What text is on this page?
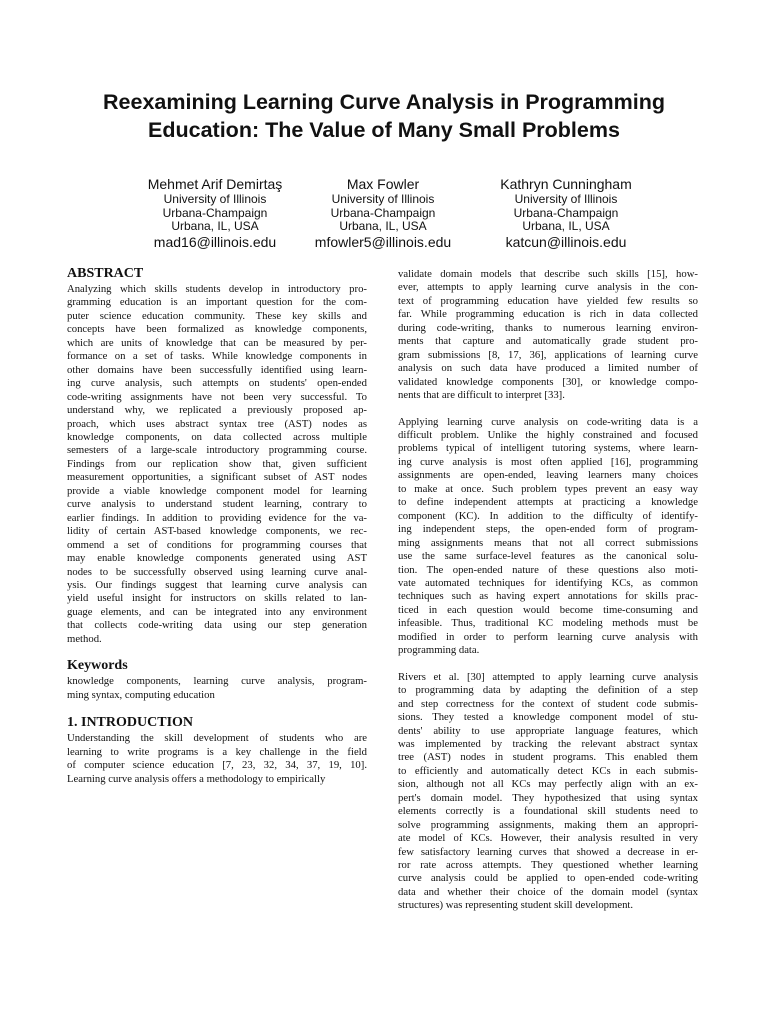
Reexamining Learning Curve Analysis in Programming
Education: The Value of Many Small Problems
Mehmet Arif Demirtaş
University of Illinois
Urbana-Champaign
Urbana, IL, USA
mad16@illinois.edu
Max Fowler
University of Illinois
Urbana-Champaign
Urbana, IL, USA
mfowler5@illinois.edu
Kathryn Cunningham
University of Illinois
Urbana-Champaign
Urbana, IL, USA
katcun@illinois.edu
ABSTRACT
Analyzing which skills students develop in introductory pro-
gramming education is an important question for the com-
puter science education community. These key skills and
concepts have been formalized as knowledge components,
which are units of knowledge that can be measured by per-
formance on a set of tasks. While knowledge components in
other domains have been successfully identified using learn-
ing curve analysis, such attempts on students' open-ended
code-writing assignments have not been very successful. To
understand why, we replicated a previously proposed ap-
proach, which uses abstract syntax tree (AST) nodes as
knowledge components, on data collected across multiple
semesters of a large-scale introductory programming course.
Findings from our replication show that, given sufficient
measurement opportunities, a significant subset of AST nodes
provide a viable knowledge component model for learning
curve analysis to understand student learning, contrary to
earlier findings. In addition to providing evidence for the va-
lidity of certain AST-based knowledge components, we rec-
ommend a set of conditions for programming courses that
may enable knowledge components generated using AST
nodes to be successfully observed using learning curve anal-
ysis. Our findings suggest that learning curve analysis can
yield useful insight for instructors on skills related to lan-
guage elements, and can be integrated into any environment
that collects code-writing data using our step generation
method.
Keywords
knowledge components, learning curve analysis, program-
ming syntax, computing education
1. INTRODUCTION
Understanding the skill development of students who are
learning to write programs is a key challenge in the field
of computer science education [7, 23, 32, 34, 37, 19, 10].
Learning curve analysis offers a methodology to empirically
validate domain models that describe such skills [15], how-
ever, attempts to apply learning curve analysis in the con-
text of programming education have yielded few results so
far. While programming education is rich in data collected
during code-writing, thanks to numerous learning environ-
ments that capture and automatically grade student pro-
gram submissions [8, 17, 36], applications of learning curve
analysis on such data have produced a limited number of
validated knowledge components [30], or knowledge compo-
nents that are difficult to interpret [33].
Applying learning curve analysis on code-writing data is a
difficult problem. Unlike the highly constrained and focused
problems typical of intelligent tutoring systems, where learn-
ing curve analysis is most often applied [16], programming
assignments are open-ended, leaving learners many choices
to make at once. Such problem types prevent an easy way
to define independent attempts at practicing a knowledge
component (KC). In addition to the difficulty of identify-
ing independent steps, the open-ended form of program-
ming assignments means that not all correct submissions
use the same surface-level features as the canonical solu-
tion. The open-ended nature of these questions also moti-
vate automated techniques for identifying KCs, as common
techniques such as having expert annotations for skills prac-
ticed in each question would become time-consuming and
infeasible. Thus, traditional KC modeling methods must be
modified in order to perform learning curve analysis with
programming data.
Rivers et al. [30] attempted to apply learning curve analysis
to programming data by adapting the definition of a step
and step correctness for the context of student code submis-
sions. They tested a knowledge component model of stu-
dents' ability to use appropriate language features, which
was implemented by tracking the relevant abstract syntax
tree (AST) nodes in student programs. This enabled them
to efficiently and automatically detect KCs in each submis-
sion, although not all KCs may perfectly align with an ex-
pert's domain model. They hypothesized that using syntax
elements correctly is a foundational skill students need to
solve programming assignments, making them an appropri-
ate model of KCs. However, their analysis resulted in very
few satisfactory learning curves that showed a decrease in er-
ror rate across attempts. They questioned whether learning
curve analysis could be applied to open-ended code-writing
data and whether their choice of the domain model (syntax
structures) was representing student skill development.
